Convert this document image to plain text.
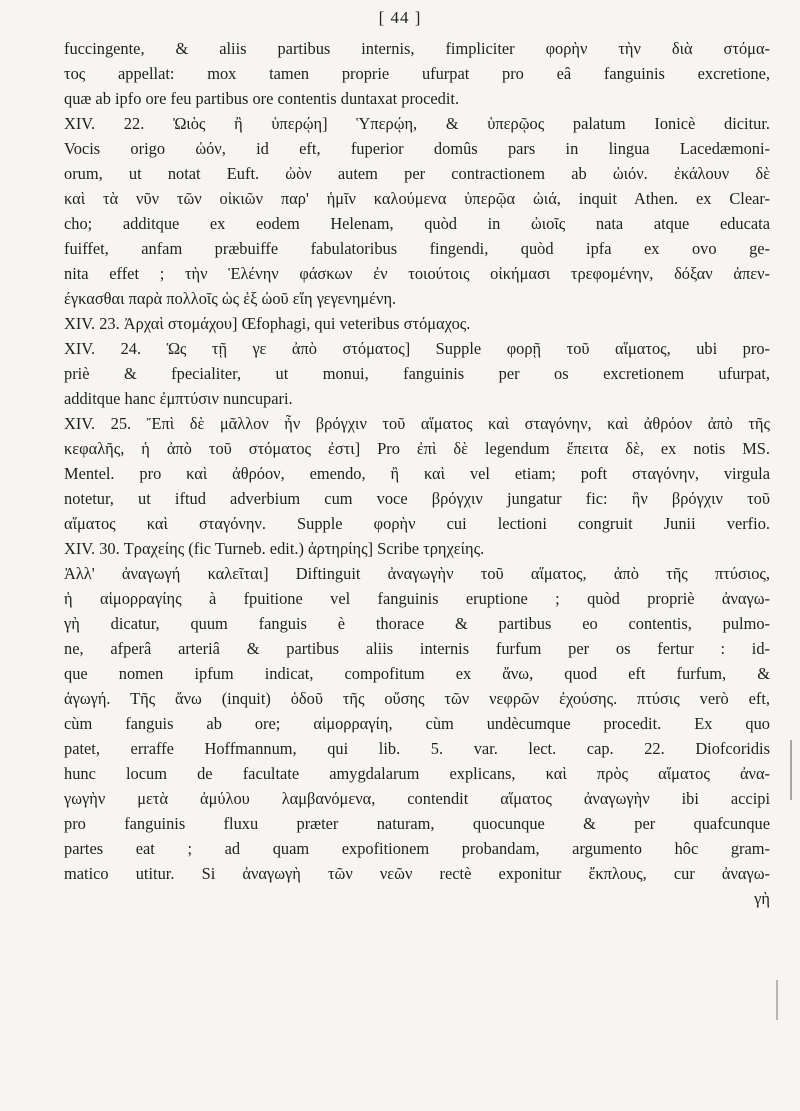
[ 44 ]
fuccingente, & aliis partibus internis, fimpliciter φορὴν τὴν διὰ στόμα-
τος appellat: mox tamen proprie ufurpat pro eâ fanguinis excretione,
quæ ab ipfo ore feu partibus ore contentis duntaxat procedit.
XIV. 22. Ὠιὸς ἢ ὑπερῴη] Ὑπερῴη, & ὑπερῷος palatum Ionicè dicitur.
Vocis origo ὠόν, id eft, fuperior domûs pars in lingua Lacedæmoni-
orum, ut notat Euft. ὠὸν autem per contractionem ab ὠιόν. ἐκάλουν δὲ
καὶ τὰ νῦν τῶν οἰκιῶν παρ' ἡμῖν καλούμενα ὑπερῷα ὠιά, inquit Athen. ex Clear-
cho; additque ex eodem Helenam, quòd in ὠιοῖς nata atque educata
fuiffet, anfam præbuiffe fabulatoribus fingendi, quòd ipfa ex ovo ge-
nita effet ; τὴν Ἑλένην φάσκων ἐν τοιούτοις οἰκήμασι τρεφομένην, δόξαν ἀπεν-
έγκασθαι παρὰ πολλοῖς ὡς ἐξ ὠοῦ εἴη γεγενημένη.
XIV. 23. Ἀρχαὶ στομάχου] Œfophagi, qui veteribus στόμαχος.
XIV. 24. Ὡς τῇ γε ἀπὸ στόματος] Supple φορῇ τοῦ αἵματος, ubi pro-
priè & fpecialiter, ut monui, fanguinis per os excretionem ufurpat,
additque hanc ἐμπτύσιν nuncupari.
XIV. 25. Ἔπὶ δὲ μᾶλλον ἦν βρόγχιν τοῦ αἵματος καὶ σταγόνην, καὶ ἀθρόον ἀπὸ τῆς
κεφαλῆς, ἡ ἀπὸ τοῦ στόματος ἐστι] Pro ἐπὶ δὲ legendum ἔπειτα δὲ, ex notis MS.
Mentel. pro καὶ ἀθρόον, emendo, ἢ καὶ vel etiam; poft σταγόνην, virgula
notetur, ut iftud adverbium cum voce βρόγχιν jungatur fic: ἢν βρόγχιν τοῦ
αἵματος καὶ σταγόνην. Supple φορὴν cui lectioni congruit Junii verfio.
XIV. 30. Τραχείης (fic Turneb. edit.) ἀρτηρίης] Scribe τρηχείης.
Ἀλλ' ἀναγωγή καλεῖται] Diftinguit ἀναγωγὴν τοῦ αἵματος, ἀπὸ τῆς πτύσιος,
ἡ αἱμορραγίης à fpuitione vel fanguinis eruptione ; quòd propriè ἀναγω-
γὴ dicatur, quum fanguis è thorace & partibus eo contentis, pulmo-
ne, afperâ arteriâ & partibus aliis internis furfum per os fertur : id-
que nomen ipfum indicat, compofitum ex ἄνω, quod eft furfum, &
ἀγωγή. Τῆς ἄνω (inquit) ὁδοῦ τῆς οὔσης τῶν νεφρῶν ἐχούσης. πτύσις verò eft,
cùm fanguis ab ore; αἱμορραγίη, cùm undècumque procedit. Ex quo
patet, erraffe Hoffmannum, qui lib. 5. var. lect. cap. 22. Diofcoridis
hunc locum de facultate amygdalarum explicans, καὶ πρὸς αἵματος ἀνα-
γωγὴν μετὰ ἀμύλου λαμβανόμενα, contendit αἵματος ἀναγωγὴν ibi accipi
pro fanguinis fluxu præter naturam, quocunque & per quafcunque
partes eat ; ad quam expofitionem probandam, argumento hôc gram-
matico utitur. Si ἀναγωγὴ τῶν νεῶν rectè exponitur ἔκπλους, cur ἀναγω-
γὴ
